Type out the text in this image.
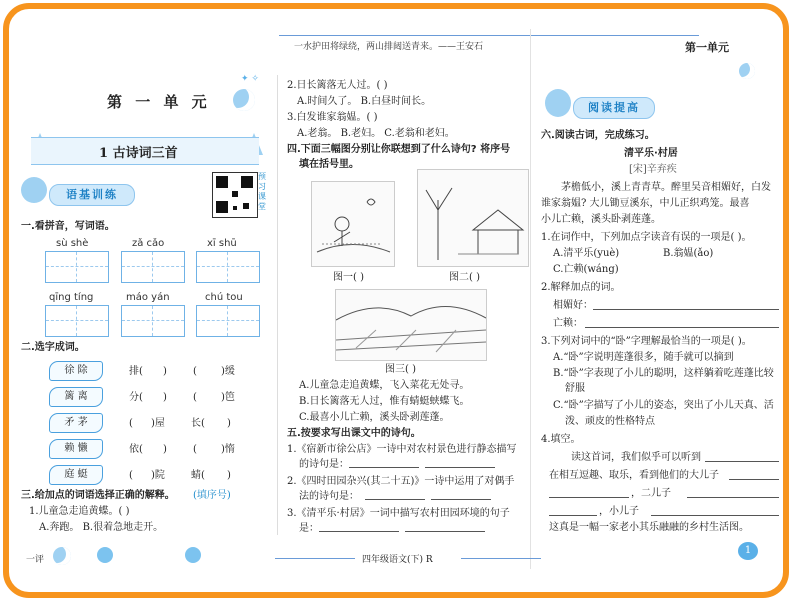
一水护田将绿绕，两山排闼送青来。——王安石	第一单元
✦ ✧
第 一 单 元
1 古诗词三首
语基训练
预习课堂
一.看拼音，写词语。
sù shè	zǎ cǎo	xī shū
qīng tíng	máo yán	chú tou
二.选字成词。
徐 除	排( )	( )缓
篱 离	分( )	( )笆
矛 茅	( )屋	长( )
赖 懒	依( )	( )惰
庭 蜓	( )院	蜻( )
三.给加点的词语选择正确的解释。 (填序号)
1.儿童急走追黄蝶。( )
A.奔跑。 B.很着急地走开。
2.日长篱落无人过。( )
A.时间久了。 B.白昼时间长。
3.白发谁家翁媪。( )
A.老翁。 B.老妇。 C.老翁和老妇。
四.下面三幅图分别让你联想到了什么诗句? 将序号
填在括号里。
图一( )	图二( )
图三( )
A.儿童急走追黄蝶，飞入菜花无处寻。
B.日长篱落无人过，惟有蜻蜓蛱蝶飞。
C.最喜小儿亡赖，溪头卧剥莲蓬。
五.按要求写出课文中的诗句。
1.《宿新市徐公店》一诗中对农村景色进行静态描写
的诗句是：
2.《四时田园杂兴(其二十五)》一诗中运用了对偶手
法的诗句是：
3.《清平乐·村居》一词中描写农村田园环境的句子
是：
阅读提高
六.阅读古词，完成练习。
清平乐·村居
[宋]辛弃疾
茅檐低小，溪上青青草。醉里吴音相媚好，白发
谁家翁媪? 大儿锄豆溪东，中儿正织鸡笼。最喜
小儿亡赖，溪头卧剥莲蓬。
1.在词作中，下列加点字读音有误的一项是( )。
A.清平乐(yuè)	B.翁媪(ǎo)
C.亡赖(wáng)
2.解释加点的词。
相媚好：
亡赖：
3.下列对词中的“卧”字理解最恰当的一项是( )。
A.“卧”字说明莲蓬很多，随手就可以摘到
B.“卧”字表现了小儿的聪明，这样躺着吃莲蓬比较
舒服
C.“卧”字描写了小儿的姿态，突出了小儿天真、活
泼、顽皮的性格特点
4.填空。
读这首词，我们似乎可以听到
在相互逗趣、取乐，看到他们的大儿子
，二儿子
，小儿子
这真是一幅一家老小其乐融融的乡村生活图。
四年级语文(下) R
一评
1
